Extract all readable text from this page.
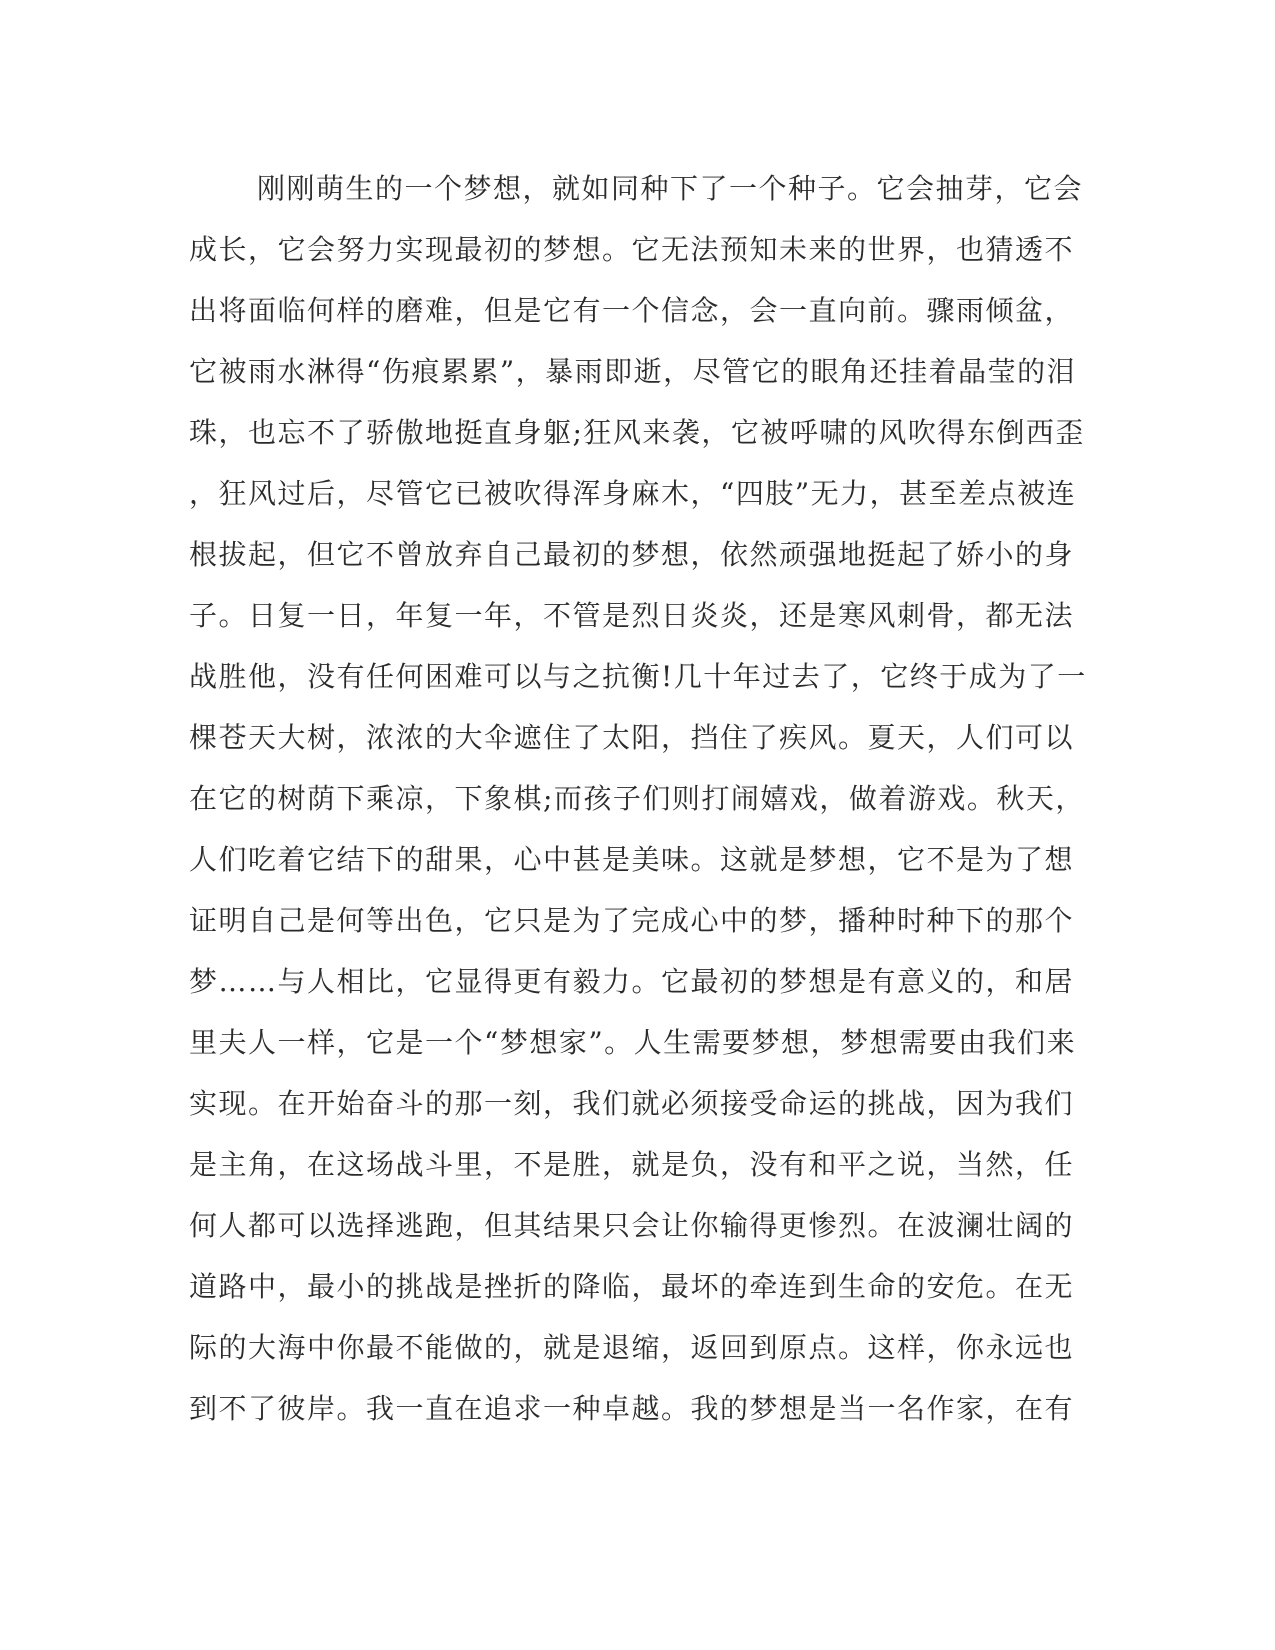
刚刚萌生的一个梦想，就如同种下了一个种子。它会抽芽，它会
成长，它会努力实现最初的梦想。它无法预知未来的世界，也猜透不
出将面临何样的磨难，但是它有一个信念，会一直向前。骤雨倾盆，
它被雨水淋得“伤痕累累”，暴雨即逝，尽管它的眼角还挂着晶莹的泪
珠，也忘不了骄傲地挺直身躯;狂风来袭，它被呼啸的风吹得东倒西歪
，狂风过后，尽管它已被吹得浑身麻木，“四肢”无力，甚至差点被连
根拔起，但它不曾放弃自己最初的梦想，依然顽强地挺起了娇小的身
子。日复一日，年复一年，不管是烈日炎炎，还是寒风刺骨，都无法
战胜他，没有任何困难可以与之抗衡!几十年过去了，它终于成为了一
棵苍天大树，浓浓的大伞遮住了太阳，挡住了疾风。夏天，人们可以
在它的树荫下乘凉，下象棋;而孩子们则打闹嬉戏，做着游戏。秋天，
人们吃着它结下的甜果，心中甚是美味。这就是梦想，它不是为了想
证明自己是何等出色，它只是为了完成心中的梦，播种时种下的那个
梦……与人相比，它显得更有毅力。它最初的梦想是有意义的，和居
里夫人一样，它是一个“梦想家”。人生需要梦想，梦想需要由我们来
实现。在开始奋斗的那一刻，我们就必须接受命运的挑战，因为我们
是主角，在这场战斗里，不是胜，就是负，没有和平之说，当然，任
何人都可以选择逃跑，但其结果只会让你输得更惨烈。在波澜壮阔的
道路中，最小的挑战是挫折的降临，最坏的牵连到生命的安危。在无
际的大海中你最不能做的，就是退缩，返回到原点。这样，你永远也
到不了彼岸。我一直在追求一种卓越。我的梦想是当一名作家，在有
